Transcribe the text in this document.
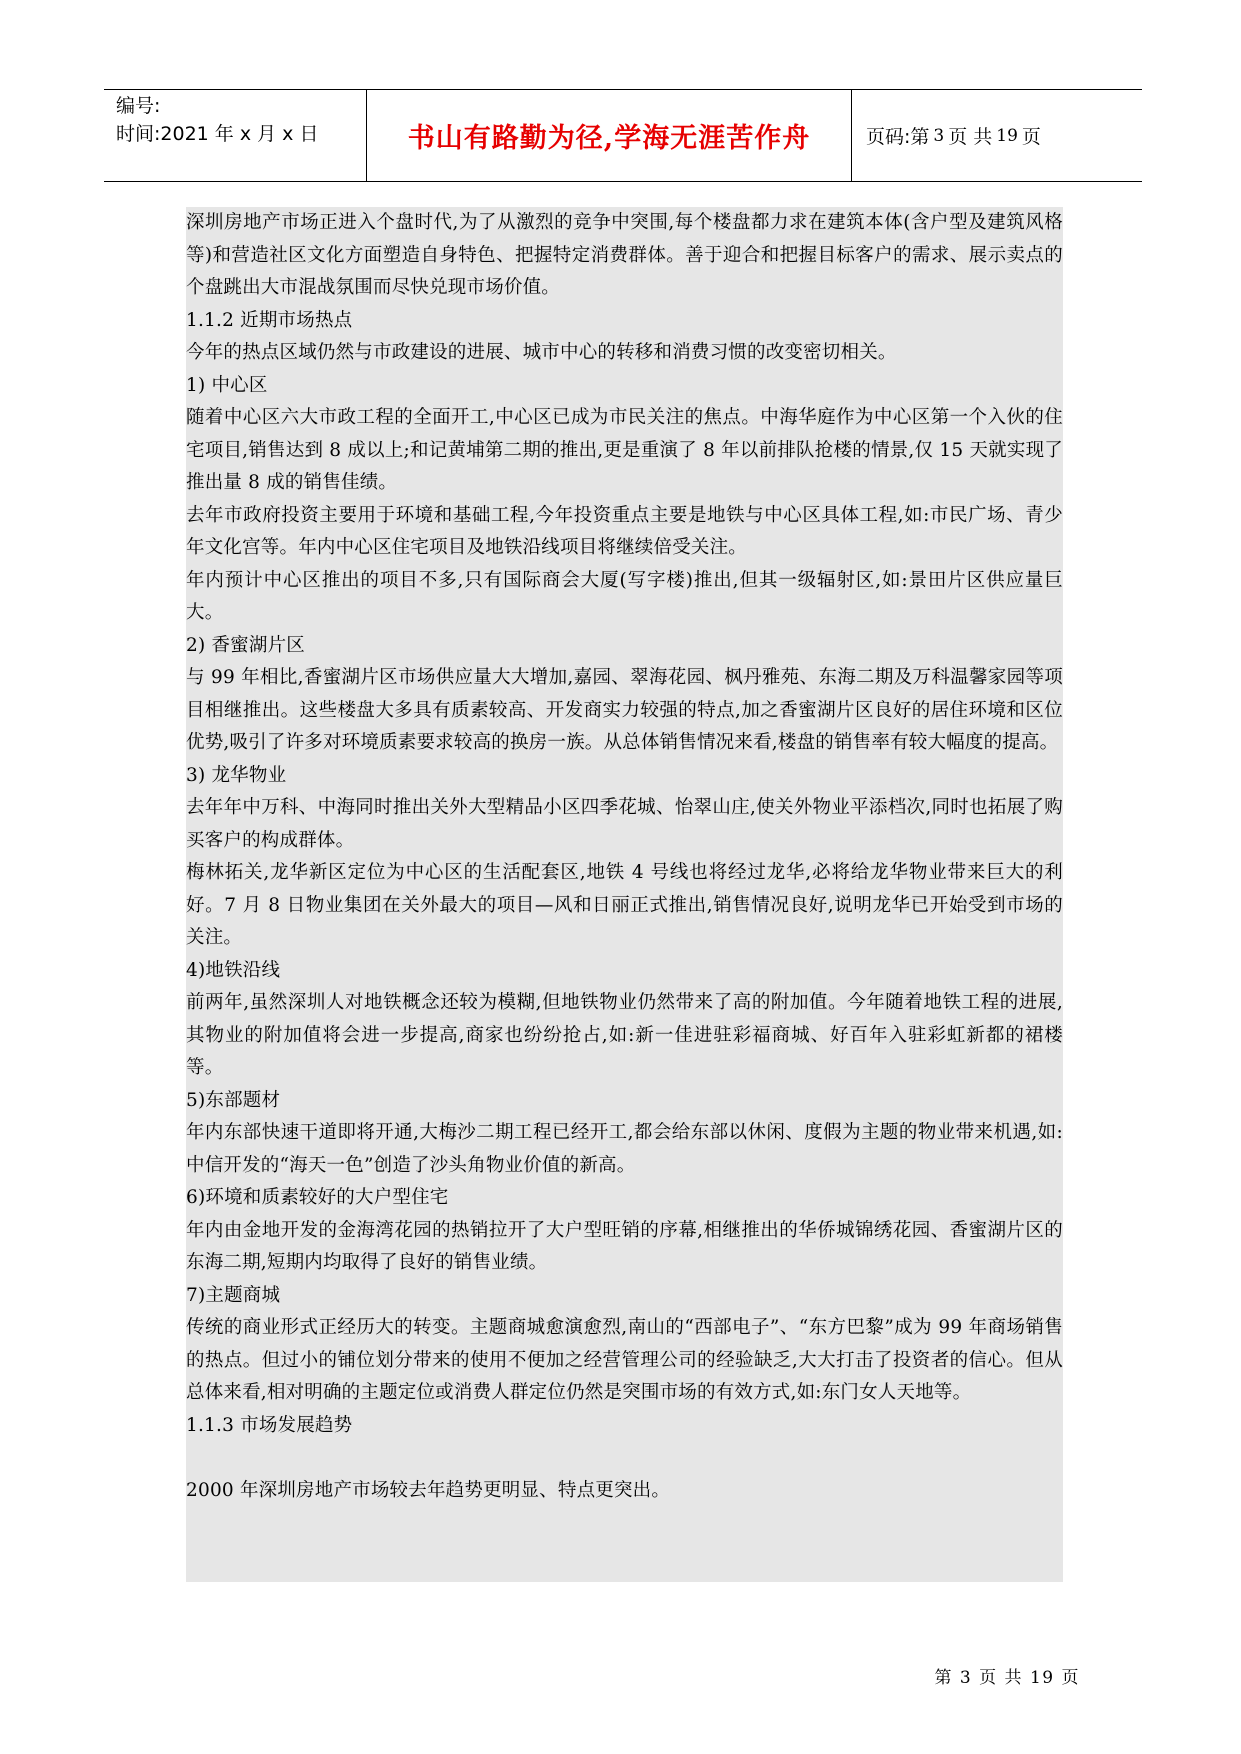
编号:
时间:2021 年 x 月 x 日	书山有路勤为径,学海无涯苦作舟	页码:第 3 页 共 19 页

深圳房地产市场正进入个盘时代,为了从激烈的竞争中突围,每个楼盘都力求在建筑本体(含户型及建筑风格等)和营造社区文化方面塑造自身特色、把握特定消费群体。善于迎合和把握目标客户的需求、展示卖点的个盘跳出大市混战氛围而尽快兑现市场价值。

1.1.2 近期市场热点

今年的热点区域仍然与市政建设的进展、城市中心的转移和消费习惯的改变密切相关。

1) 中心区

随着中心区六大市政工程的全面开工,中心区已成为市民关注的焦点。中海华庭作为中心区第一个入伙的住宅项目,销售达到 8 成以上;和记黄埔第二期的推出,更是重演了 8 年以前排队抢楼的情景,仅 15 天就实现了推出量 8 成的销售佳绩。

去年市政府投资主要用于环境和基础工程,今年投资重点主要是地铁与中心区具体工程,如:市民广场、青少年文化宫等。年内中心区住宅项目及地铁沿线项目将继续倍受关注。

年内预计中心区推出的项目不多,只有国际商会大厦(写字楼)推出,但其一级辐射区,如:景田片区供应量巨大。

2) 香蜜湖片区

与 99 年相比,香蜜湖片区市场供应量大大增加,嘉园、翠海花园、枫丹雅苑、东海二期及万科温馨家园等项目相继推出。这些楼盘大多具有质素较高、开发商实力较强的特点,加之香蜜湖片区良好的居住环境和区位优势,吸引了许多对环境质素要求较高的换房一族。从总体销售情况来看,楼盘的销售率有较大幅度的提高。

3) 龙华物业

去年年中万科、中海同时推出关外大型精品小区四季花城、怡翠山庄,使关外物业平添档次,同时也拓展了购买客户的构成群体。

梅林拓关,龙华新区定位为中心区的生活配套区,地铁 4 号线也将经过龙华,必将给龙华物业带来巨大的利好。7 月 8 日物业集团在关外最大的项目—风和日丽正式推出,销售情况良好,说明龙华已开始受到市场的关注。

4)地铁沿线

前两年,虽然深圳人对地铁概念还较为模糊,但地铁物业仍然带来了高的附加值。今年随着地铁工程的进展,其物业的附加值将会进一步提高,商家也纷纷抢占,如:新一佳进驻彩福商城、好百年入驻彩虹新都的裙楼等。

5)东部题材

年内东部快速干道即将开通,大梅沙二期工程已经开工,都会给东部以休闲、度假为主题的物业带来机遇,如:中信开发的“海天一色”创造了沙头角物业价值的新高。

6)环境和质素较好的大户型住宅

年内由金地开发的金海湾花园的热销拉开了大户型旺销的序幕,相继推出的华侨城锦绣花园、香蜜湖片区的东海二期,短期内均取得了良好的销售业绩。

7)主题商城

传统的商业形式正经历大的转变。主题商城愈演愈烈,南山的“西部电子”、“东方巴黎”成为 99 年商场销售的热点。但过小的铺位划分带来的使用不便加之经营管理公司的经验缺乏,大大打击了投资者的信心。但从总体来看,相对明确的主题定位或消费人群定位仍然是突围市场的有效方式,如:东门女人天地等。

1.1.3 市场发展趋势

2000 年深圳房地产市场较去年趋势更明显、特点更突出。

第 3 页 共 19 页
